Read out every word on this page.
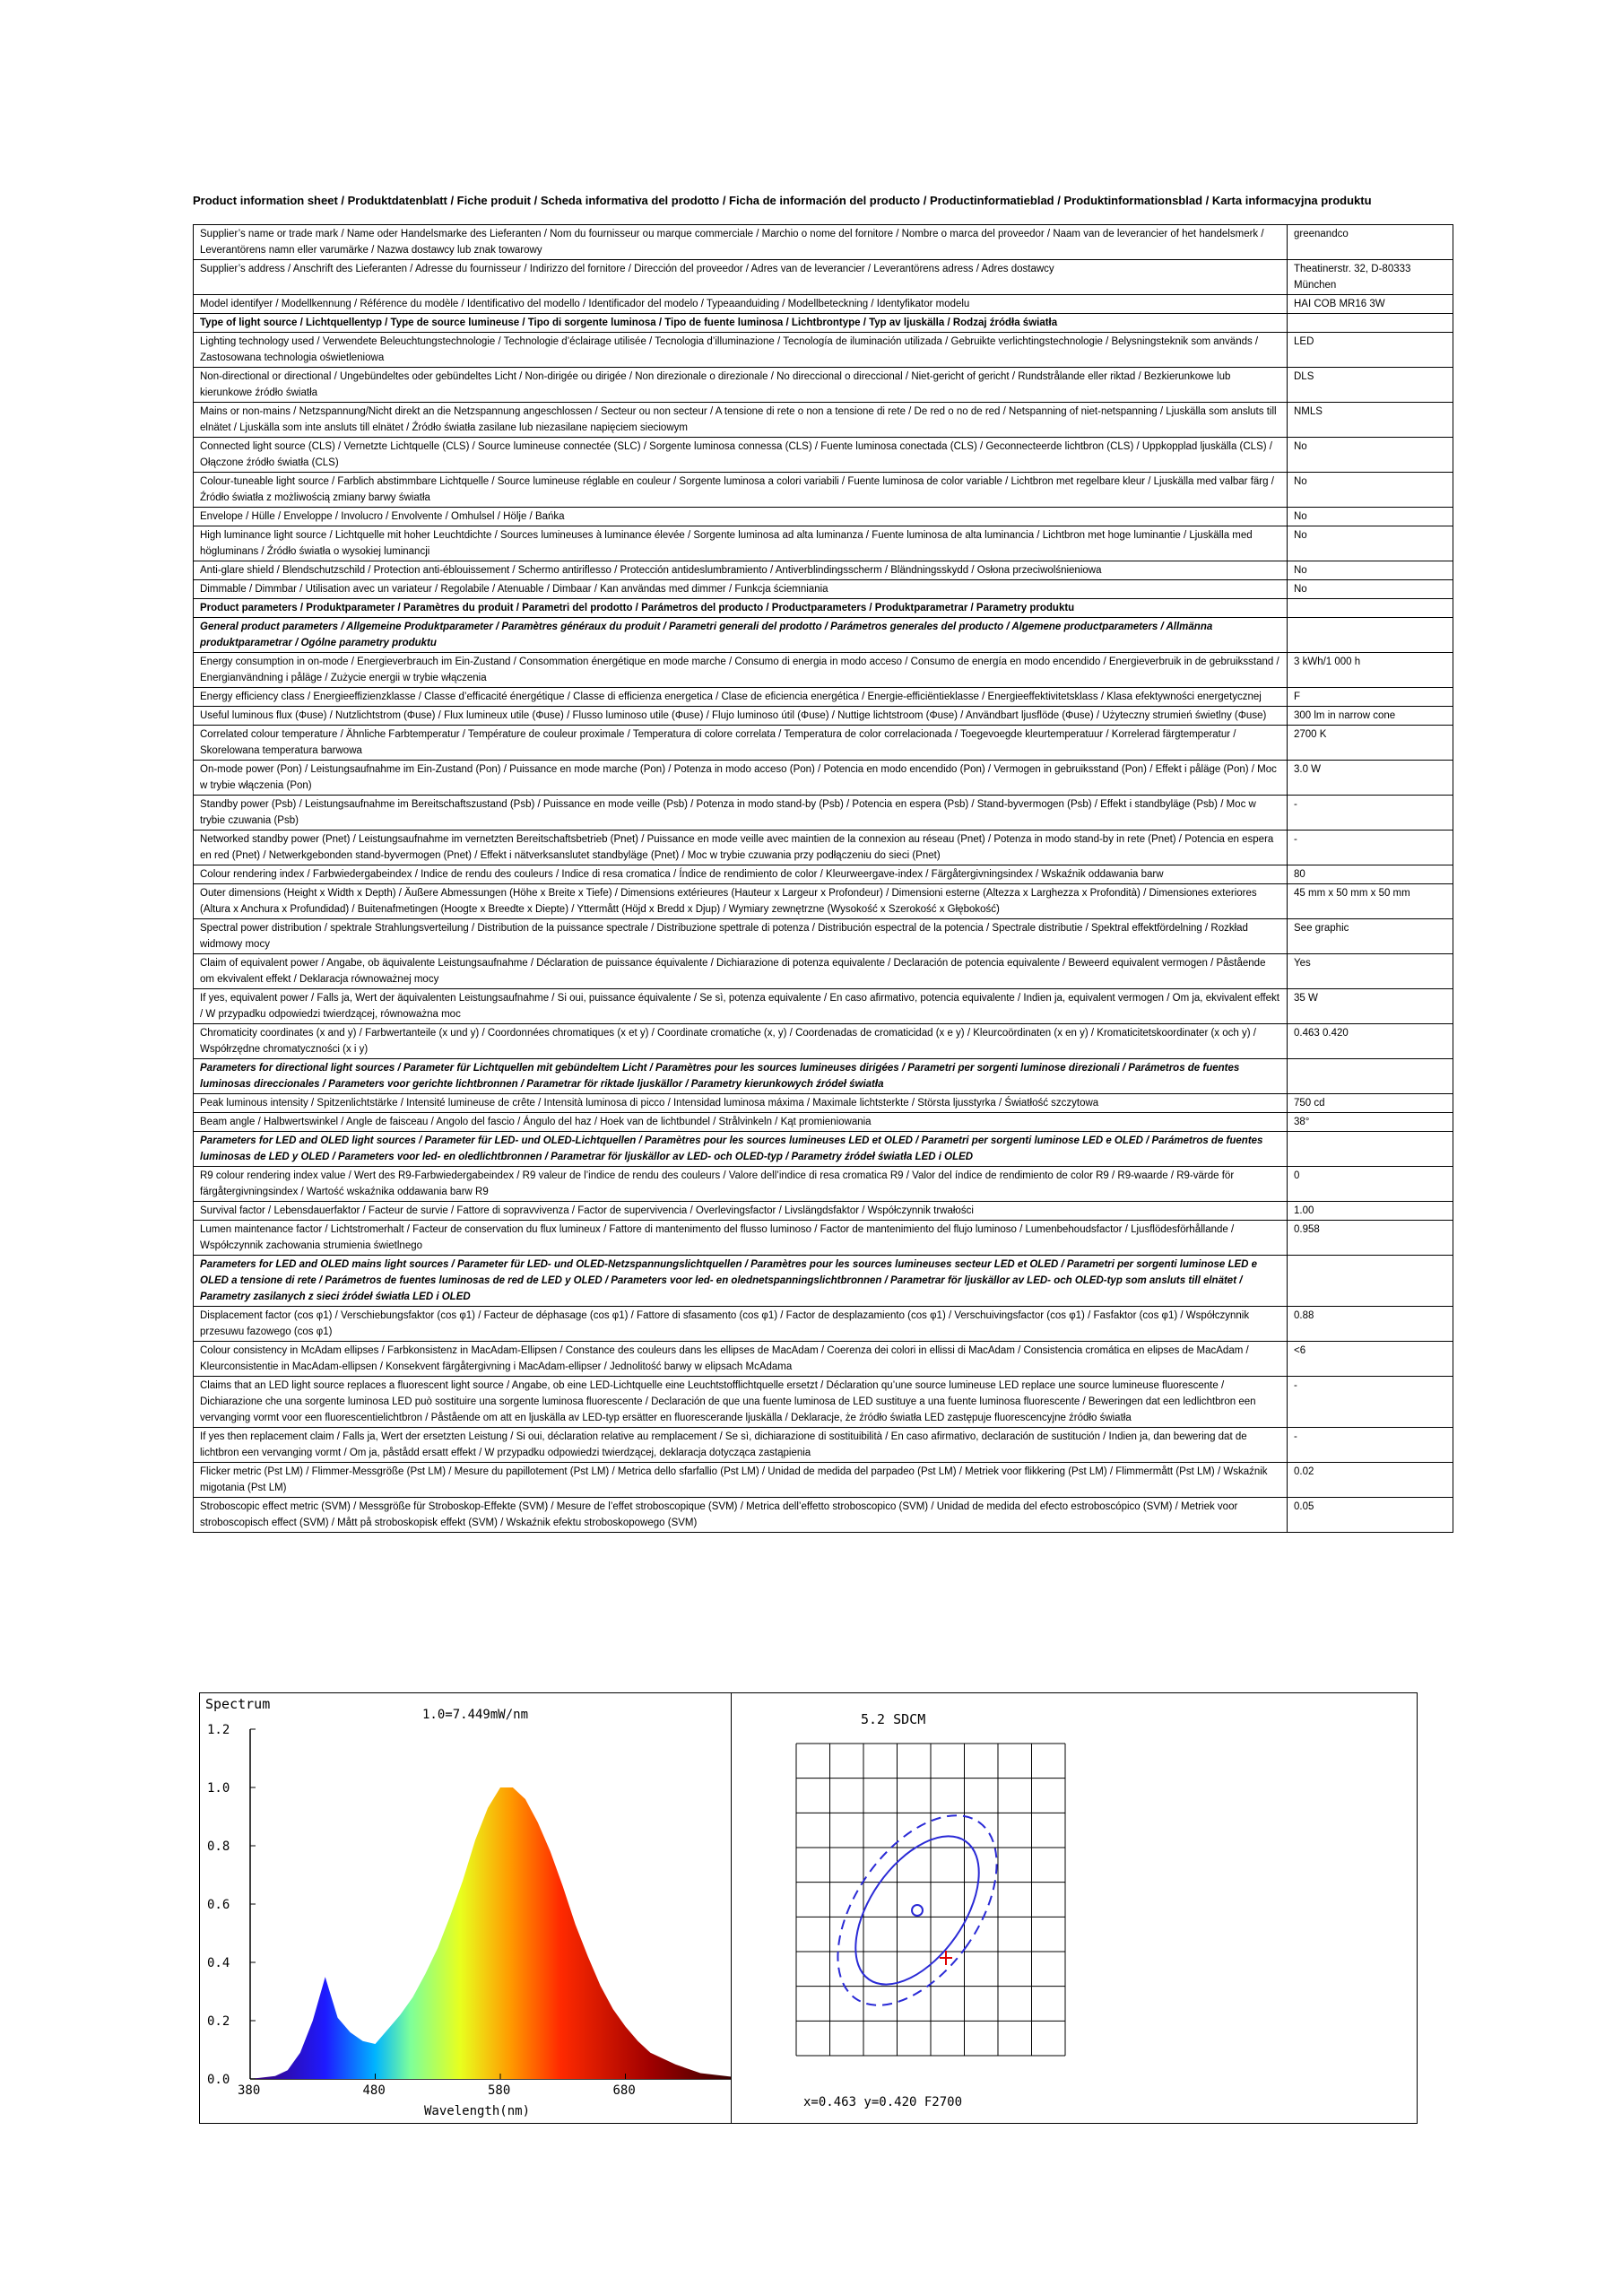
Product information sheet / Produktdatenblatt / Fiche produit / Scheda informativa del prodotto / Ficha de información del producto / Productinformatieblad / Produktinformationsblad / Karta informacyjna produktu
Supplier’s name or trade mark / Name oder Handelsmarke des Lieferanten / Nom du fournisseur ou marque commerciale / Marchio o nome del fornitore / Nombre o marca del proveedor / Naam van de leverancier of het handelsmerk / Leverantörens namn eller varumärke / Nazwa dostawcy lub znak towarowy	greenandco
Supplier’s address / Anschrift des Lieferanten / Adresse du fournisseur / Indirizzo del fornitore / Dirección del proveedor / Adres van de leverancier / Leverantörens adress / Adres dostawcy	Theatinerstr. 32, D-80333 München
Model identifyer / Modellkennung / Référence du modèle / Identificativo del modello / Identificador del modelo / Typeaanduiding / Modellbeteckning / Identyfikator modelu	HAI COB MR16 3W
Type of light source / Lichtquellentyp / Type de source lumineuse / Tipo di sorgente luminosa / Tipo de fuente luminosa / Lichtbrontype / Typ av ljuskälla / Rodzaj źródła światła	
Lighting technology used / Verwendete Beleuchtungstechnologie / Technologie d’éclairage utilisée / Tecnologia d’illuminazione / Tecnología de iluminación utilizada / Gebruikte verlichtingstechnologie / Belysningsteknik som används / Zastosowana technologia oświetleniowa	LED
Non-directional or directional / Ungebündeltes oder gebündeltes Licht / Non-dirigée ou dirigée / Non direzionale o direzionale / No direccional o direccional / Niet-gericht of gericht / Rundstrålande eller riktad / Bezkierunkowe lub kierunkowe źródło światła	DLS
Mains or non-mains / Netzspannung/Nicht direkt an die Netzspannung angeschlossen / Secteur ou non secteur / A tensione di rete o non a tensione di rete / De red o no de red / Netspanning of niet-netspanning / Ljuskälla som ansluts till elnätet / Ljuskälla som inte ansluts till elnätet / Źródło światła zasilane lub niezasilane napięciem sieciowym	NMLS
Connected light source (CLS) / Vernetzte Lichtquelle (CLS) / Source lumineuse connectée (SLC) / Sorgente luminosa connessa (CLS) / Fuente luminosa conectada (CLS) / Geconnecteerde lichtbron (CLS) / Uppkopplad ljuskälla (CLS) / Ołączone źródło światła (CLS)	No
Colour-tuneable light source / Farblich abstimmbare Lichtquelle / Source lumineuse réglable en couleur / Sorgente luminosa a colori variabili / Fuente luminosa de color variable / Lichtbron met regelbare kleur / Ljuskälla med valbar färg / Źródło światła z możliwością zmiany barwy światła	No
Envelope / Hülle / Enveloppe / Involucro / Envolvente / Omhulsel / Hölje / Bańka	No
High luminance light source / Lichtquelle mit hoher Leuchtdichte / Sources lumineuses à luminance élevée / Sorgente luminosa ad alta luminanza / Fuente luminosa de alta luminancia / Lichtbron met hoge luminantie / Ljuskälla med högluminans / Źródło światła o wysokiej luminancji	No
Anti-glare shield / Blendschutzschild / Protection anti-éblouissement / Schermo antiriflesso / Protección antideslumbramiento / Antiverblindingsscherm / Bländningsskydd / Osłona przeciwolśnieniowa	No
Dimmable / Dimmbar / Utilisation avec un variateur / Regolabile / Atenuable / Dimbaar / Kan användas med dimmer / Funkcja ściemniania	No
Product parameters / Produktparameter / Paramètres du produit / Parametri del prodotto / Parámetros del producto / Productparameters / Produktparametrar / Parametry produktu	
General product parameters / Allgemeine Produktparameter / Paramètres généraux du produit / Parametri generali del prodotto / Parámetros generales del producto / Algemene productparameters / Allmänna produktparametrar / Ogólne parametry produktu	
Energy consumption in on-mode / Energieverbrauch im Ein-Zustand / Consommation énergétique en mode marche / Consumo di energia in modo acceso / Consumo de energía en modo encendido / Energieverbruik in de gebruiksstand / Energianvändning i påläge / Zużycie energii w trybie włączenia	3 kWh/1 000 h
Energy efficiency class / Energieeffizienzklasse / Classe d’efficacité énergétique / Classe di efficienza energetica / Clase de eficiencia energética / Energie-efficiëntieklasse / Energieeffektivitetsklass / Klasa efektywności energetycznej	F
Useful luminous flux (Φuse) / Nutzlichtstrom (Φuse) / Flux lumineux utile (Φuse) / Flusso luminoso utile (Φuse) / Flujo luminoso útil (Φuse) / Nuttige lichtstroom (Φuse) / Användbart ljusflöde (Φuse) / Użyteczny strumień świetlny (Φuse)	300 lm in narrow cone
Correlated colour temperature / Ähnliche Farbtemperatur / Température de couleur proximale / Temperatura di colore correlata / Temperatura de color correlacionada / Toegevoegde kleurtemperatuur / Korrelerad färgtemperatur / Skorelowana temperatura barwowa	2700 K
On-mode power (Pon) / Leistungsaufnahme im Ein-Zustand (Pon) / Puissance en mode marche (Pon) / Potenza in modo acceso (Pon) / Potencia en modo encendido (Pon) / Vermogen in gebruiksstand (Pon) / Effekt i påläge (Pon) / Moc w trybie włączenia (Pon)	3.0 W
Standby power (Psb) / Leistungsaufnahme im Bereitschaftszustand (Psb) / Puissance en mode veille (Psb) / Potenza in modo stand-by (Psb) / Potencia en espera (Psb) / Stand-byvermogen (Psb) / Effekt i standbyläge (Psb) / Moc w trybie czuwania (Psb)	-
Networked standby power (Pnet) / Leistungsaufnahme im vernetzten Bereitschaftsbetrieb (Pnet) / Puissance en mode veille avec maintien de la connexion au réseau (Pnet) / Potenza in modo stand-by in rete (Pnet) / Potencia en espera en red (Pnet) / Netwerkgebonden stand-byvermogen (Pnet) / Effekt i nätverksanslutet standbyläge (Pnet) / Moc w trybie czuwania przy podłączeniu do sieci (Pnet)	-
Colour rendering index / Farbwiedergabeindex / Indice de rendu des couleurs / Indice di resa cromatica / Índice de rendimiento de color / Kleurweergave-index / Färgåtergivningsindex / Wskaźnik oddawania barw	80
Outer dimensions (Height x Width x Depth) / Äußere Abmessungen (Höhe x Breite x Tiefe) / Dimensions extérieures (Hauteur x Largeur x Profondeur) / Dimensioni esterne (Altezza x Larghezza x Profondità) / Dimensiones exteriores (Altura x Anchura x Profundidad) / Buitenafmetingen (Hoogte x Breedte x Diepte) / Yttermått (Höjd x Bredd x Djup) / Wymiary zewnętrzne (Wysokość x Szerokość x Głębokość)	45 mm x 50 mm x 50 mm
Spectral power distribution / spektrale Strahlungsverteilung / Distribution de la puissance spectrale / Distribuzione spettrale di potenza / Distribución espectral de la potencia / Spectrale distributie / Spektral effektfördelning / Rozkład widmowy mocy	See graphic
Claim of equivalent power / Angabe, ob äquivalente Leistungsaufnahme / Déclaration de puissance équivalente / Dichiarazione di potenza equivalente / Declaración de potencia equivalente / Beweerd equivalent vermogen / Påstående om ekvivalent effekt / Deklaracja równoważnej mocy	Yes
If yes, equivalent power / Falls ja, Wert der äquivalenten Leistungsaufnahme / Si oui, puissance équivalente / Se sì, potenza equivalente / En caso afirmativo, potencia equivalente / Indien ja, equivalent vermogen / Om ja, ekvivalent effekt / W przypadku odpowiedzi twierdzącej, równoważna moc	35 W
Chromaticity coordinates (x and y) / Farbwertanteile (x und y) / Coordonnées chromatiques (x et y) / Coordinate cromatiche (x, y) / Coordenadas de cromaticidad (x e y) / Kleurcoördinaten (x en y) / Kromaticitetskoordinater (x och y) / Współrzędne chromatyczności (x i y)	0.463 0.420
Parameters for directional light sources / Parameter für Lichtquellen mit gebündeltem Licht / Paramètres pour les sources lumineuses dirigées / Parametri per sorgenti luminose direzionali / Parámetros de fuentes luminosas direccionales / Parameters voor gerichte lichtbronnen / Parametrar för riktade ljuskällor / Parametry kierunkowych źródeł światła	
Peak luminous intensity / Spitzenlichtstärke / Intensité lumineuse de crête / Intensità luminosa di picco / Intensidad luminosa máxima / Maximale lichtsterkte / Största ljusstyrka / Światłość szczytowa	750 cd
Beam angle / Halbwertswinkel / Angle de faisceau / Angolo del fascio / Ángulo del haz / Hoek van de lichtbundel / Strålvinkeln / Kąt promieniowania	38°
Parameters for LED and OLED light sources / Parameter für LED- und OLED-Lichtquellen / Paramètres pour les sources lumineuses LED et OLED / Parametri per sorgenti luminose LED e OLED / Parámetros de fuentes luminosas de LED y OLED / Parameters voor led- en oledlichtbronnen / Parametrar för ljuskällor av LED- och OLED-typ / Parametry źródeł światła LED i OLED	
R9 colour rendering index value / Wert des R9-Farbwiedergabeindex / R9 valeur de l’indice de rendu des couleurs / Valore dell’indice di resa cromatica R9 / Valor del índice de rendimiento de color R9 / R9-waarde / R9-värde för färgåtergivningsindex / Wartość wskaźnika oddawania barw R9	0
Survival factor / Lebensdauerfaktor / Facteur de survie / Fattore di sopravvivenza / Factor de supervivencia / Overlevingsfactor / Livslängdsfaktor / Współczynnik trwałości	1.00
Lumen maintenance factor / Lichtstromerhalt / Facteur de conservation du flux lumineux / Fattore di mantenimento del flusso luminoso / Factor de mantenimiento del flujo luminoso / Lumenbehoudsfactor / Ljusflödesförhållande / Współczynnik zachowania strumienia świetlnego	0.958
Parameters for LED and OLED mains light sources / Parameter für LED- und OLED-Netzspannungslichtquellen / Paramètres pour les sources lumineuses secteur LED et OLED / Parametri per sorgenti luminose LED e OLED a tensione di rete / Parámetros de fuentes luminosas de red de LED y OLED / Parameters voor led- en olednetspanningslichtbronnen / Parametrar för ljuskällor av LED- och OLED-typ som ansluts till elnätet / Parametry zasilanych z sieci źródeł światła LED i OLED	
Displacement factor (cos φ1) / Verschiebungsfaktor (cos φ1) / Facteur de déphasage (cos φ1) / Fattore di sfasamento (cos φ1) / Factor de desplazamiento (cos φ1) / Verschuivingsfactor (cos φ1) / Fasfaktor (cos φ1) / Współczynnik przesuwu fazowego (cos φ1)	0.88
Colour consistency in McAdam ellipses / Farbkonsistenz in MacAdam-Ellipsen / Constance des couleurs dans les ellipses de MacAdam / Coerenza dei colori in ellissi di MacAdam / Consistencia cromática en elipses de MacAdam / Kleurconsistentie in MacAdam-ellipsen / Konsekvent färgåtergivning i MacAdam-ellipser / Jednolitość barwy w elipsach McAdama	<6
Claims that an LED light source replaces a fluorescent light source / Angabe, ob eine LED-Lichtquelle eine Leuchtstofflichtquelle ersetzt / Déclaration qu’une source lumineuse LED replace une source lumineuse fluorescente / Dichiarazione che una sorgente luminosa LED può sostituire una sorgente luminosa fluorescente / Declaración de que una fuente luminosa de LED sustituye a una fuente luminosa fluorescente / Beweringen dat een ledlichtbron een vervanging vormt voor een fluorescentielichtbron / Påstående om att en ljuskälla av LED-typ ersätter en fluorescerande ljuskälla / Deklaracje, że źródło światła LED zastępuje fluorescencyjne źródło światła	-
If yes then replacement claim / Falls ja, Wert der ersetzten Leistung / Si oui, déclaration relative au remplacement / Se sì, dichiarazione di sostituibilità / En caso afirmativo, declaración de sustitución / Indien ja, dan bewering dat de lichtbron een vervanging vormt / Om ja, påstådd ersatt effekt / W przypadku odpowiedzi twierdzącej, deklaracja dotycząca zastąpienia	-
Flicker metric (Pst LM) / Flimmer-Messgröße (Pst LM) / Mesure du papillotement (Pst LM) / Metrica dello sfarfallio (Pst LM) / Unidad de medida del parpadeo (Pst LM) / Metriek voor flikkering (Pst LM) / Flimmermått (Pst LM) / Wskaźnik migotania (Pst LM)	0.02
Stroboscopic effect metric (SVM) / Messgröße für Stroboskop-Effekte (SVM) / Mesure de l’effet stroboscopique (SVM) / Metrica dell’effetto stroboscopico (SVM) / Unidad de medida del efecto estroboscópico (SVM) / Metriek voor stroboscopisch effect (SVM) / Mått på stroboskopisk effekt (SVM) / Wskaźnik efektu stroboskopowego (SVM)	0.05
0.0
0.2
0.4
0.6
0.8
1.0
1.2
380	480	580	680
Spectrum
1.0=7.449mW/nm
Wavelength(nm)
5.2 SDCM
x=0.463 y=0.420 F2700
